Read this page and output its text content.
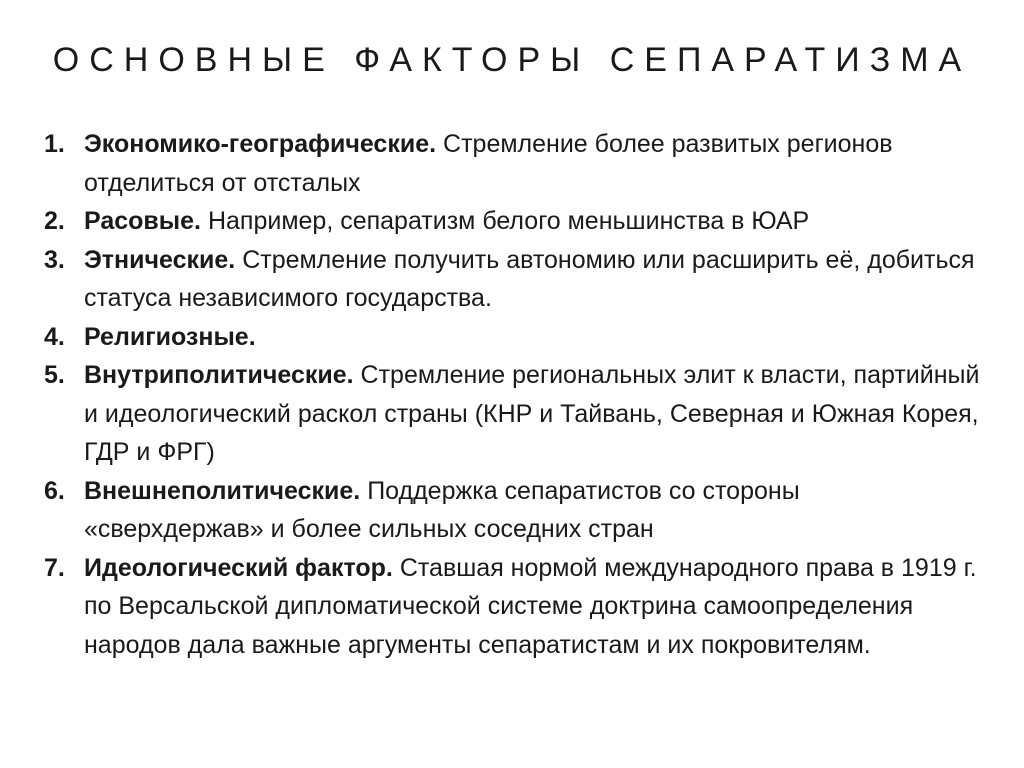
ОСНОВНЫЕ ФАКТОРЫ СЕПАРАТИЗМА
1. Экономико-географические. Стремление более развитых регионов отделиться от отсталых
2. Расовые. Например, сепаратизм белого меньшинства в ЮАР
3. Этнические. Стремление получить автономию или расширить её, добиться статуса независимого государства.
4. Религиозные.
5. Внутриполитические. Стремление региональных элит к власти, партийный и идеологический раскол страны (КНР и Тайвань, Северная и Южная Корея, ГДР и ФРГ)
6. Внешнеполитические. Поддержка сепаратистов со стороны «сверхдержав» и более сильных соседних стран
7. Идеологический фактор. Ставшая нормой международного права в 1919 г. по Версальской дипломатической системе доктрина самоопределения народов дала важные аргументы сепаратистам и их покровителям.
